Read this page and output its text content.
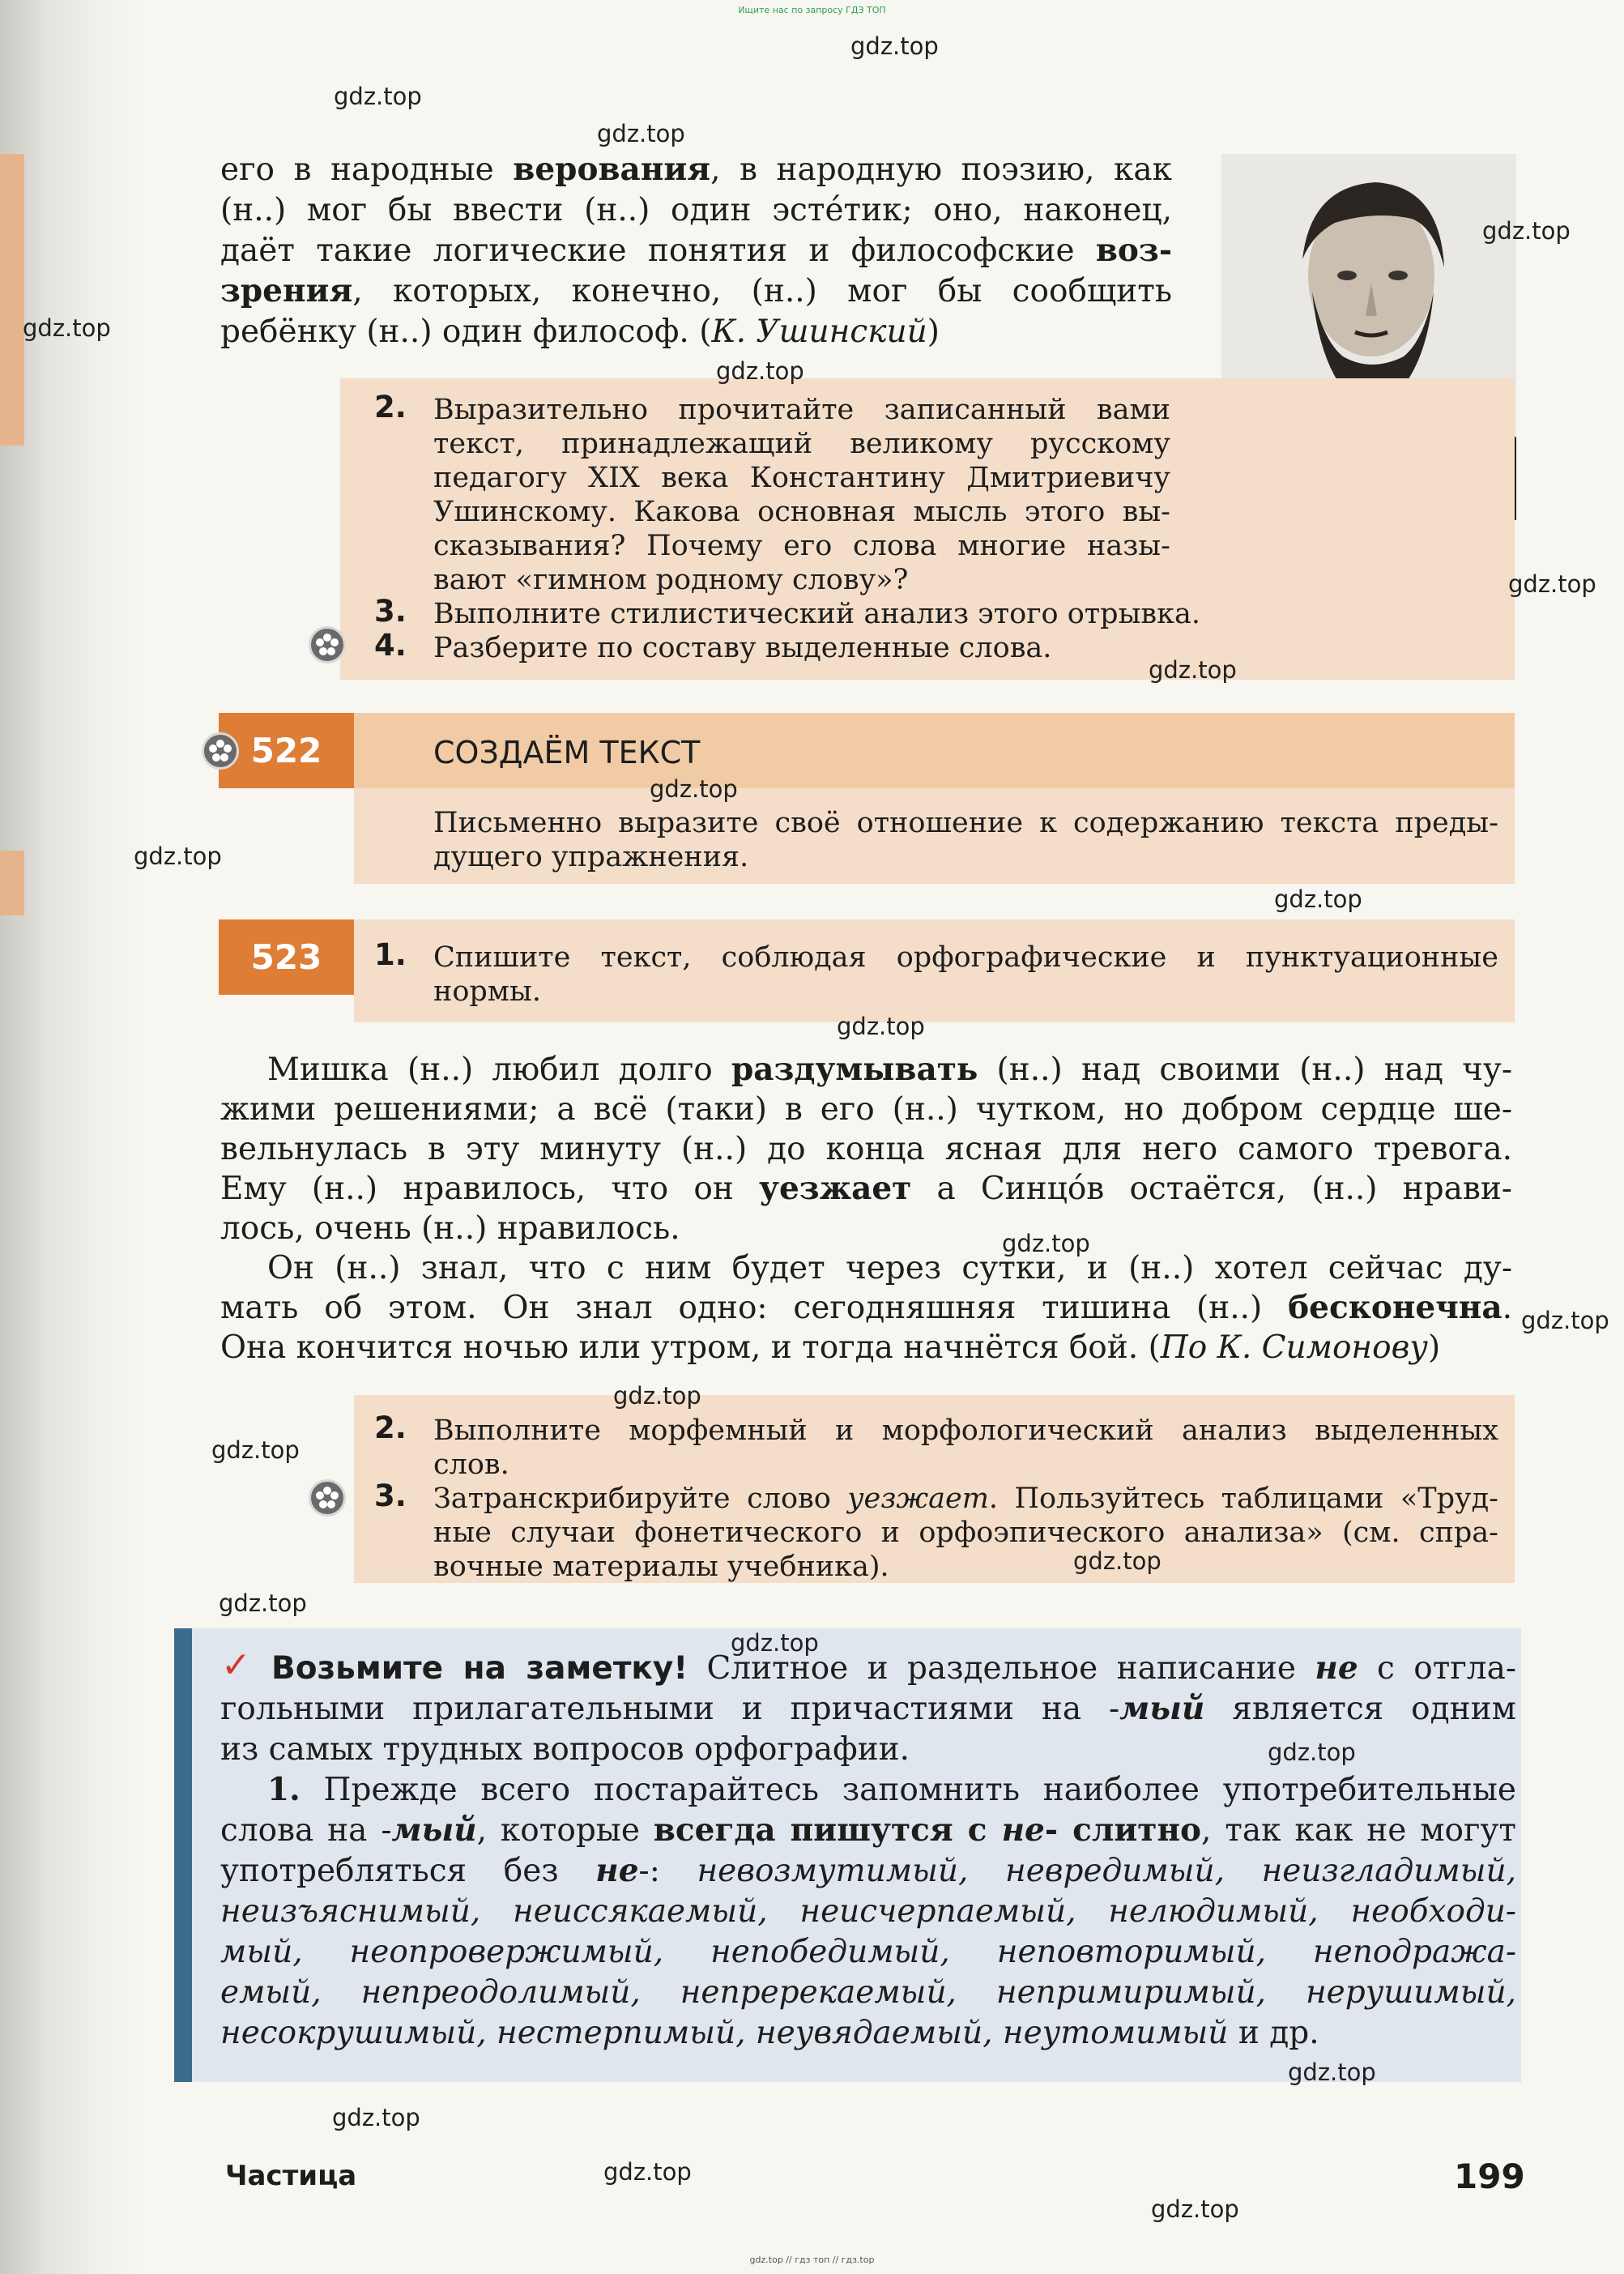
Ищите нас по запросу ГДЗ ТОП
его в народные верования, в народную поэзию, как
(н..) мог бы ввести (н..) один эсте́тик; оно, наконец,
даёт такие логические понятия и философские воз-
зрения, которых, конечно, (н..) мог бы сообщить
ребёнку (н..) один философ. (К. Ушинский)
2. Выразительно прочитайте записанный вами
текст, принадлежащий великому русскому
педагогу XIX века Константину Дмитриевичу
Ушинскому. Какова основная мысль этого вы-
сказывания? Почему его слова многие назы-
вают «гимном родному слову»?
3. Выполните стилистический анализ этого отрывка.
4. Разберите по составу выделенные слова.
522	СОЗДАЁМ ТЕКСТ
Письменно выразите своё отношение к содержанию текста преды-
дущего упражнения.
523	1. Спишите текст, соблюдая орфографические и пунктуационные
нормы.
Мишка (н..) любил долго раздумывать (н..) над своими (н..) над чу-
жими решениями; а всё (таки) в его (н..) чутком, но добром сердце ше-
вельнулась в эту минуту (н..) до конца ясная для него самого тревога.
Ему (н..) нравилось, что он уезжает а Синцо́в остаётся, (н..) нрави-
лось, очень (н..) нравилось.
Он (н..) знал, что с ним будет через сутки, и (н..) хотел сейчас ду-
мать об этом. Он знал одно: сегодняшняя тишина (н..) бесконечна.
Она кончится ночью или утром, и тогда начнётся бой. (По К. Симонову)
2. Выполните морфемный и морфологический анализ выделенных
слов.
3. Затранскрибируйте слово уезжает. Пользуйтесь таблицами «Труд-
ные случаи фонетического и орфоэпического анализа» (см. спра-
вочные материалы учебника).
✓ Возьмите на заметку! Слитное и раздельное написание не с отгла-
гольными прилагательными и причастиями на -мый является одним
из самых трудных вопросов орфографии.
1. Прежде всего постарайтесь запомнить наиболее употребительные
слова на -мый, которые всегда пишутся с не- слитно, так как не могут
употребляться без не-: невозмутимый, невредимый, неизгладимый,
неизъяснимый, неиссякаемый, неисчерпаемый, нелюдимый, необходи-
мый, неопровержимый, непобедимый, неповторимый, неподража-
емый, непреодолимый, непререкаемый, непримиримый, нерушимый,
несокрушимый, нестерпимый, неувядаемый, неутомимый и др.
Частица	199
gdz.top
gdz.top
gdz.top
gdz.top
gdz.top
gdz.top
gdz.top
gdz.top
gdz.top
gdz.top
gdz.top
gdz.top
gdz.top
gdz.top
gdz.top
gdz.top
gdz.top
gdz.top
gdz.top
gdz.top
gdz.top
gdz.top
gdz.top
gdz.top
gdz.top // гдз топ // гдз.top
